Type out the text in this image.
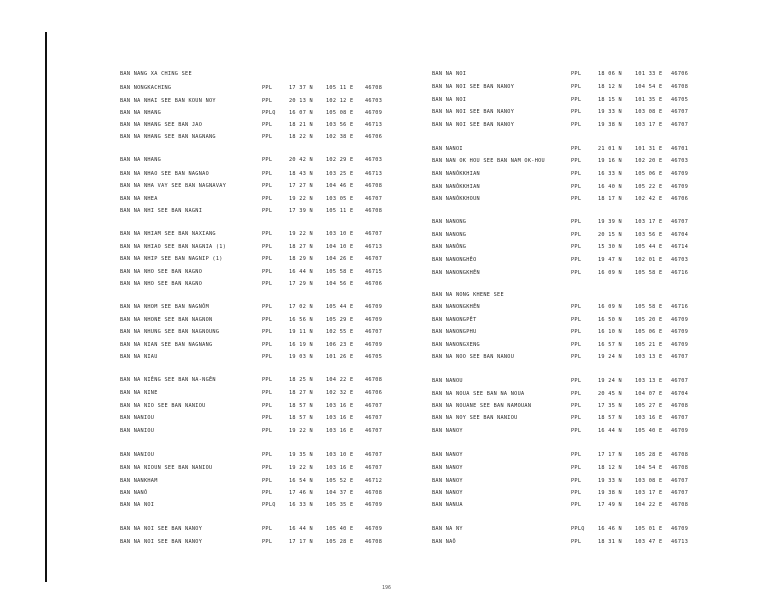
BAN NANG XA CHING SEE
BAN NONGKACHING	PPL	17 37 N	105 11 E 46708
BAN NA NHAI SEE BAN KOUN NOY	PPL	20 13 N	102 12 E 46703
BAN NA NHANG	PPLQ	16 07 N	105 08 E 46709
BAN NA NHANG SEE BAN JAO	PPL	18 21 N	103 56 E 46713
BAN NA NHANG SEE BAN NAGNANG	PPL	18 22 N	102 38 E 46706
BAN NA NHANG	PPL	20 42 N	102 29 E 46703
BAN NA NHAO SEE BAN NAGNAO	PPL	18 43 N	103 25 E 46713
BAN NA NHA VAY SEE BAN NAGNAVAY	PPL	17 27 N	104 46 E 46708
BAN NA NHEA	PPL	19 22 N	103 05 E 46707
BAN NA NHI SEE BAN NAGNI	PPL	17 39 N	105 11 E 46708
BAN NA NHIAM SEE BAN NAXIANG	PPL	19 22 N	103 10 E 46707
BAN NA NHIAO SEE BAN NAGNIA (1)	PPL	18 27 N	104 10 E 46713
BAN NA NHIP SEE BAN NAGNIP (1)	PPL	18 29 N	104 26 E 46707
BAN NA NHO SEE BAN NAGNO	PPL	16 44 N	105 58 E 46715
BAN NA NHO SEE BAN NAGNO	PPL	17 29 N	104 56 E 46706
BAN NA NHOM SEE BAN NAGNÔM	PPL	17 02 N	105 44 E 46709
BAN NA NHONE SEE BAN NAGNON	PPL	16 56 N	105 29 E 46709
BAN NA NHUNG SEE BAN NAGNOUNG	PPL	19 11 N	102 55 E 46707
BAN NA NIAN SEE BAN NAGNANG	PPL	16 19 N	106 23 E 46709
BAN NA NIAU	PPL	19 03 N	101 26 E 46705
BAN NA NIÊNG SEE BAN NA-NGÊN	PPL	18 25 N	104 22 E 46708
BAN NA NINE	PPL	18 27 N	102 32 E 46706
BAN NA NIO SEE BAN NANIOU	PPL	18 57 N	103 16 E 46707
BAN NANIOU	PPL	18 57 N	103 16 E 46707
BAN NANIOU	PPL	19 22 N	103 16 E 46707
BAN NANIOU	PPL	19 35 N	103 10 E 46707
BAN NA NIOUN SEE BAN NANIOU	PPL	19 22 N	103 16 E 46707
BAN NANKHAM	PPL	16 54 N	105 52 E 46712
BAN NANÔ	PPL	17 46 N	104 37 E 46708
BAN NA NOI	PPLQ	16 33 N	105 35 E 46709
BAN NA NOI SEE BAN NANOY	PPL	16 44 N	105 40 E 46709
BAN NA NOI SEE BAN NANOY	PPL	17 17 N	105 28 E 46708
BAN NA NOI	PPL	18 06 N	101 33 E 46706
BAN NA NOI SEE BAN NANOY	PPL	18 12 N	104 54 E 46708
BAN NA NOI	PPL	18 15 N	101 35 E 46705
BAN NA NOI SEE BAN NANOY	PPL	19 33 N	103 08 E 46707
BAN NA NOI SEE BAN NANOY	PPL	19 38 N	103 17 E 46707
BAN NANOI	PPL	21 01 N	101 31 E 46701
BAN NAN OK HOU SEE BAN NAM OK-HOU	PPL	19 16 N	102 20 E 46703
BAN NANÔKKHIAN	PPL	16 33 N	105 06 E 46709
BAN NANÔKKHIAN	PPL	16 40 N	105 22 E 46709
BAN NANÔKKHOUN	PPL	18 17 N	102 42 E 46706
BAN NANONG	PPL	19 39 N	103 17 E 46707
BAN NANONG	PPL	20 15 N	103 56 E 46704
BAN NANÔNG	PPL	15 30 N	105 44 E 46714
BAN NANONGHÊO	PPL	19 47 N	102 01 E 46703
BAN NANONGKHÊN	PPL	16 09 N	105 58 E 46716
BAN NA NONG KHENE SEE
BAN NANONGKHÊN	PPL	16 09 N	105 58 E 46716
BAN NANONGPÊT	PPL	16 50 N	105 20 E 46709
BAN NANONGPHU	PPL	16 10 N	105 06 E 46709
BAN NANONGXENG	PPL	16 57 N	105 21 E 46709
BAN NA NOO SEE BAN NANOU	PPL	19 24 N	103 13 E 46707
BAN NANOU	PPL	19 24 N	103 13 E 46707
BAN NA NOUA SEE BAN NA NOUA	PPL	20 45 N	104 07 E 46704
BAN NA NOUANE SEE BAN NAMOUAN	PPL	17 35 N	105 27 E 46708
BAN NA NOY SEE BAN NANIOU	PPL	18 57 N	103 16 E 46707
BAN NANOY	PPL	16 44 N	105 40 E 46709
BAN NANOY	PPL	17 17 N	105 28 E 46708
BAN NANOY	PPL	18 12 N	104 54 E 46708
BAN NANOY	PPL	19 33 N	103 08 E 46707
BAN NANOY	PPL	19 38 N	103 17 E 46707
BAN NANUA	PPL	17 49 N	104 22 E 46708
BAN NA NY	PPLQ	16 46 N	105 01 E 46709
BAN NAÔ	PPL	18 31 N	103 47 E 46713
196
